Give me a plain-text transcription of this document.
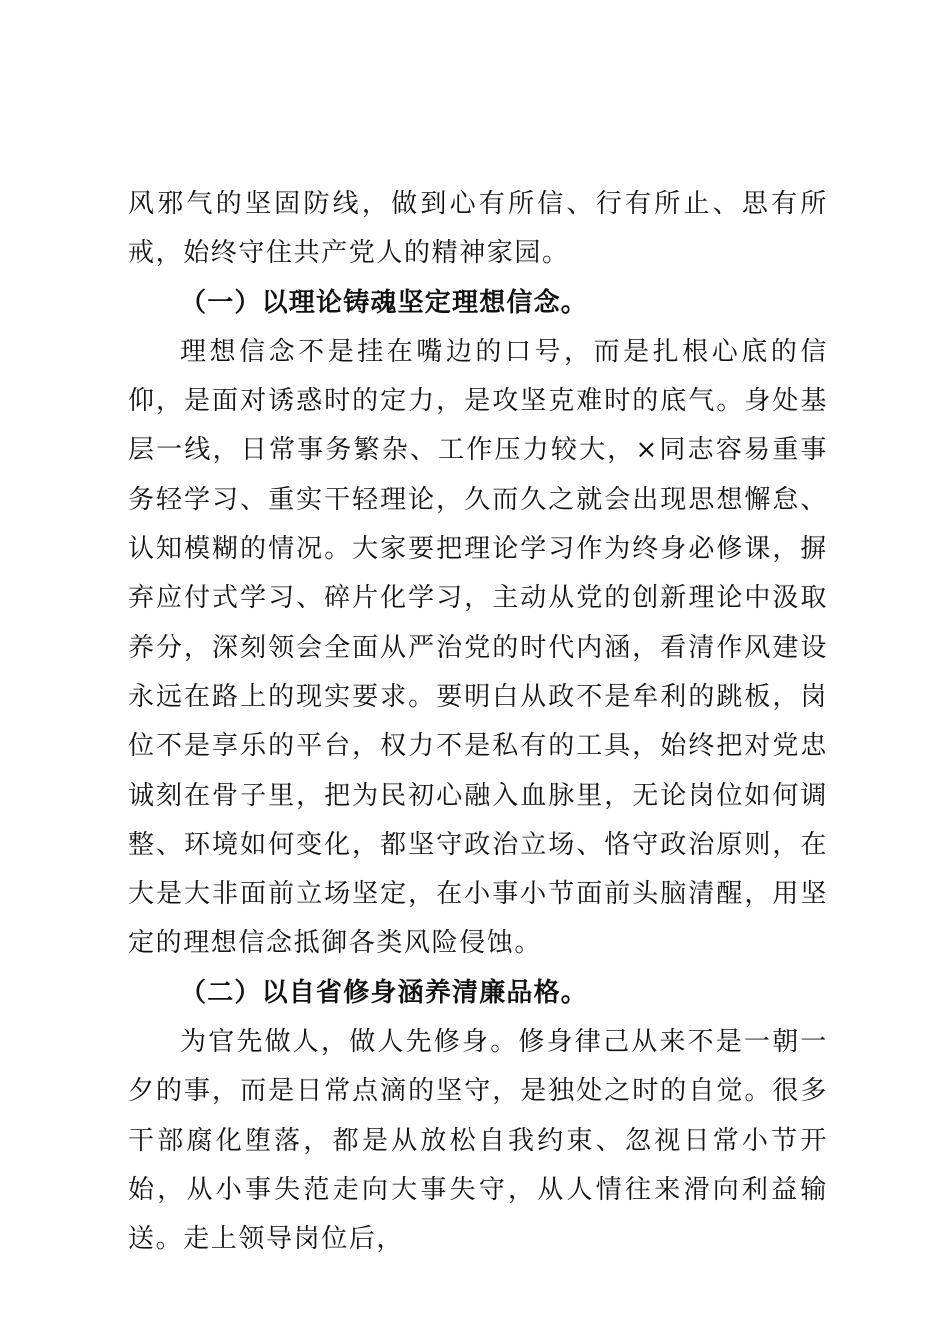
风邪气的坚固防线，做到心有所信、行有所止、思有所戒，始终守住共产党人的精神家园。

（一）以理论铸魂坚定理想信念。

理想信念不是挂在嘴边的口号，而是扎根心底的信仰，是面对诱惑时的定力，是攻坚克难时的底气。身处基层一线，日常事务繁杂、工作压力较大，×同志容易重事务轻学习、重实干轻理论，久而久之就会出现思想懈怠、认知模糊的情况。大家要把理论学习作为终身必修课，摒弃应付式学习、碎片化学习，主动从党的创新理论中汲取养分，深刻领会全面从严治党的时代内涵，看清作风建设永远在路上的现实要求。要明白从政不是牟利的跳板，岗位不是享乐的平台，权力不是私有的工具，始终把对党忠诚刻在骨子里，把为民初心融入血脉里，无论岗位如何调整、环境如何变化，都坚守政治立场、恪守政治原则，在大是大非面前立场坚定，在小事小节面前头脑清醒，用坚定的理想信念抵御各类风险侵蚀。

（二）以自省修身涵养清廉品格。

为官先做人，做人先修身。修身律己从来不是一朝一夕的事，而是日常点滴的坚守，是独处之时的自觉。很多干部腐化堕落，都是从放松自我约束、忽视日常小节开始，从小事失范走向大事失守，从人情往来滑向利益输送。走上领导岗位后，
